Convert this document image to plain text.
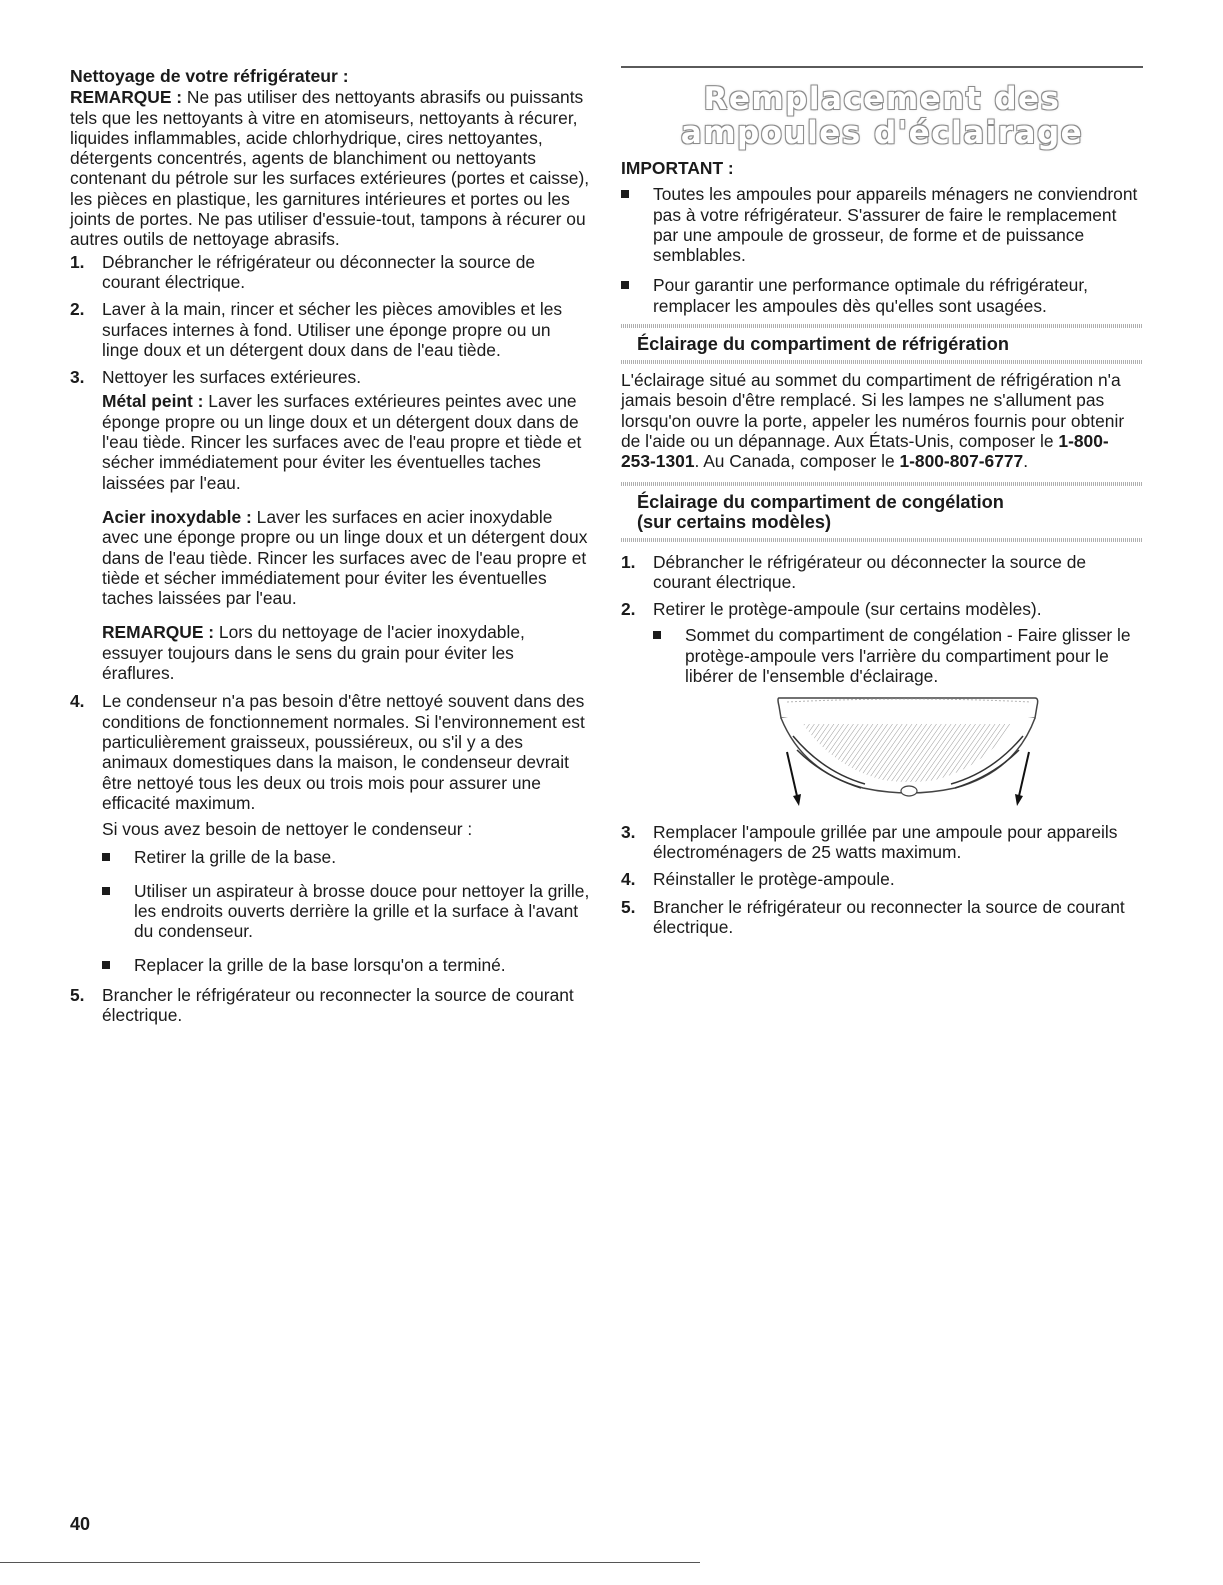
Nettoyage de votre réfrigérateur :

REMARQUE : Ne pas utiliser des nettoyants abrasifs ou puissants tels que les nettoyants à vitre en atomiseurs, nettoyants à récurer, liquides inflammables, acide chlorhydrique, cires nettoyantes, détergents concentrés, agents de blanchiment ou nettoyants contenant du pétrole sur les surfaces extérieures (portes et caisse), les pièces en plastique, les garnitures intérieures et portes ou les joints de portes. Ne pas utiliser d'essuie-tout, tampons à récurer ou autres outils de nettoyage abrasifs.

1. Débrancher le réfrigérateur ou déconnecter la source de courant électrique.
2. Laver à la main, rincer et sécher les pièces amovibles et les surfaces internes à fond. Utiliser une éponge propre ou un linge doux et un détergent doux dans de l'eau tiède.
3. Nettoyer les surfaces extérieures.

Métal peint : Laver les surfaces extérieures peintes avec une éponge propre ou un linge doux et un détergent doux dans de l'eau tiède. Rincer les surfaces avec de l'eau propre et tiède et sécher immédiatement pour éviter les éventuelles taches laissées par l'eau.

Acier inoxydable : Laver les surfaces en acier inoxydable avec une éponge propre ou un linge doux et un détergent doux dans de l'eau tiède. Rincer les surfaces avec de l'eau propre et tiède et sécher immédiatement pour éviter les éventuelles taches laissées par l'eau.

REMARQUE : Lors du nettoyage de l'acier inoxydable, essuyer toujours dans le sens du grain pour éviter les éraflures.

4. Le condenseur n'a pas besoin d'être nettoyé souvent dans des conditions de fonctionnement normales. Si l'environnement est particulièrement graisseux, poussiéreux, ou s'il y a des animaux domestiques dans la maison, le condenseur devrait être nettoyé tous les deux ou trois mois pour assurer une efficacité maximum.

Si vous avez besoin de nettoyer le condenseur :

Retirer la grille de la base.
Utiliser un aspirateur à brosse douce pour nettoyer la grille, les endroits ouverts derrière la grille et la surface à l'avant du condenseur.
Replacer la grille de la base lorsqu'on a terminé.
5. Brancher le réfrigérateur ou reconnecter la source de courant électrique.
Remplacement des ampoules d'éclairage

IMPORTANT :

Toutes les ampoules pour appareils ménagers ne conviendront pas à votre réfrigérateur. S'assurer de faire le remplacement par une ampoule de grosseur, de forme et de puissance semblables.
Pour garantir une performance optimale du réfrigérateur, remplacer les ampoules dès qu'elles sont usagées.

Éclairage du compartiment de réfrigération

L'éclairage situé au sommet du compartiment de réfrigération n'a jamais besoin d'être remplacé. Si les lampes ne s'allument pas lorsqu'on ouvre la porte, appeler les numéros fournis pour obtenir de l'aide ou un dépannage. Aux États-Unis, composer le 1-800-253-1301. Au Canada, composer le 1-800-807-6777.

Éclairage du compartiment de congélation

(sur certains modèles)

1. Débrancher le réfrigérateur ou déconnecter la source de courant électrique.
2. Retirer le protège-ampoule (sur certains modèles).
Sommet du compartiment de congélation - Faire glisser le protège-ampoule vers l'arrière du compartiment pour le libérer de l'ensemble d'éclairage.
3. Remplacer l'ampoule grillée par une ampoule pour appareils électroménagers de 25 watts maximum.
4. Réinstaller le protège-ampoule.
5. Brancher le réfrigérateur ou reconnecter la source de courant électrique.
40
